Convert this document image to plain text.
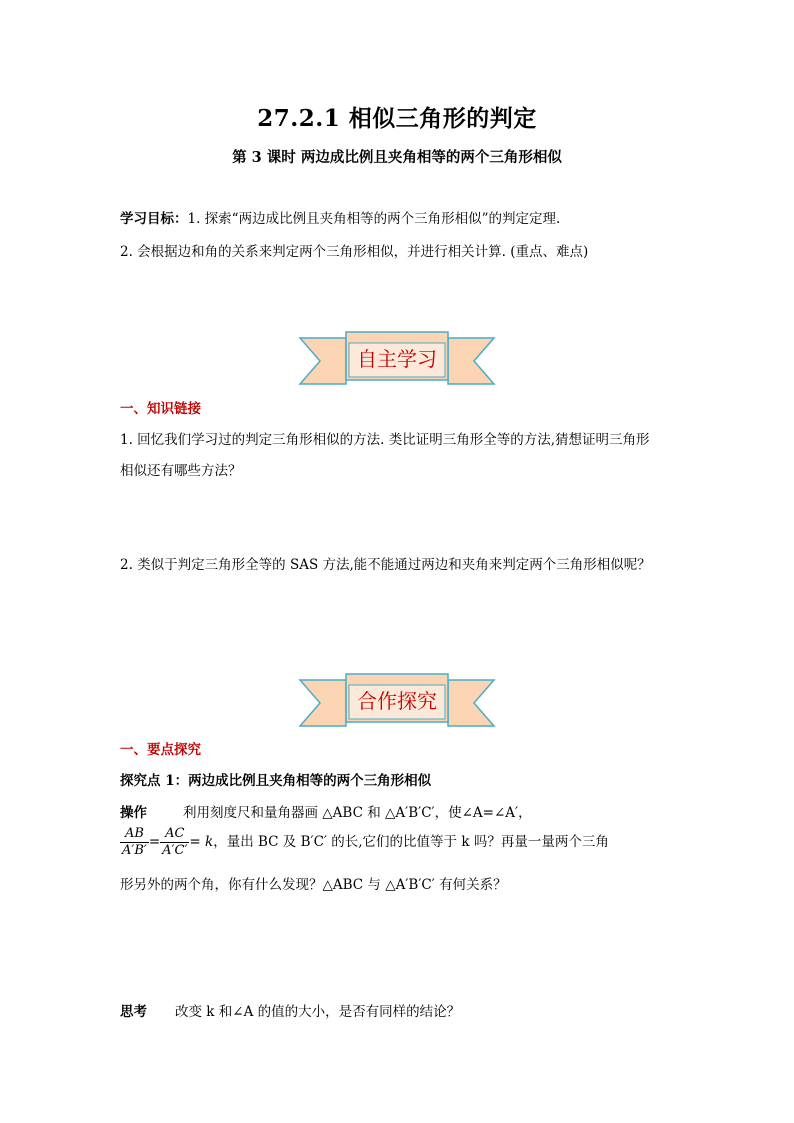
27.2.1 相似三角形的判定
第 3 课时 两边成比例且夹角相等的两个三角形相似
学习目标：1. 探索“两边成比例且夹角相等的两个三角形相似”的判定定理.
2. 会根据边和角的关系来判定两个三角形相似，并进行相关计算. (重点、难点)
自主学习
一、知识链接
1. 回忆我们学习过的判定三角形相似的方法. 类比证明三角形全等的方法,猜想证明三角形
相似还有哪些方法？
2. 类似于判定三角形全等的 SAS 方法,能不能通过两边和夹角来判定两个三角形相似呢？
合作探究
一、要点探究
探究点 1：两边成比例且夹角相等的两个三角形相似
操作	利用刻度尺和量角器画 △ABC 和 △A′B′C′，使∠A=∠A′，
$\frac{AB}{A'B'} = \frac{AC}{A'C'} = k$，量出 BC 及 B′C′ 的长,它们的比值等于 k 吗？再量一量两个三角
形另外的两个角，你有什么发现？△ABC 与 △A′B′C′ 有何关系？
思考 改变 k 和∠A 的值的大小，是否有同样的结论？
